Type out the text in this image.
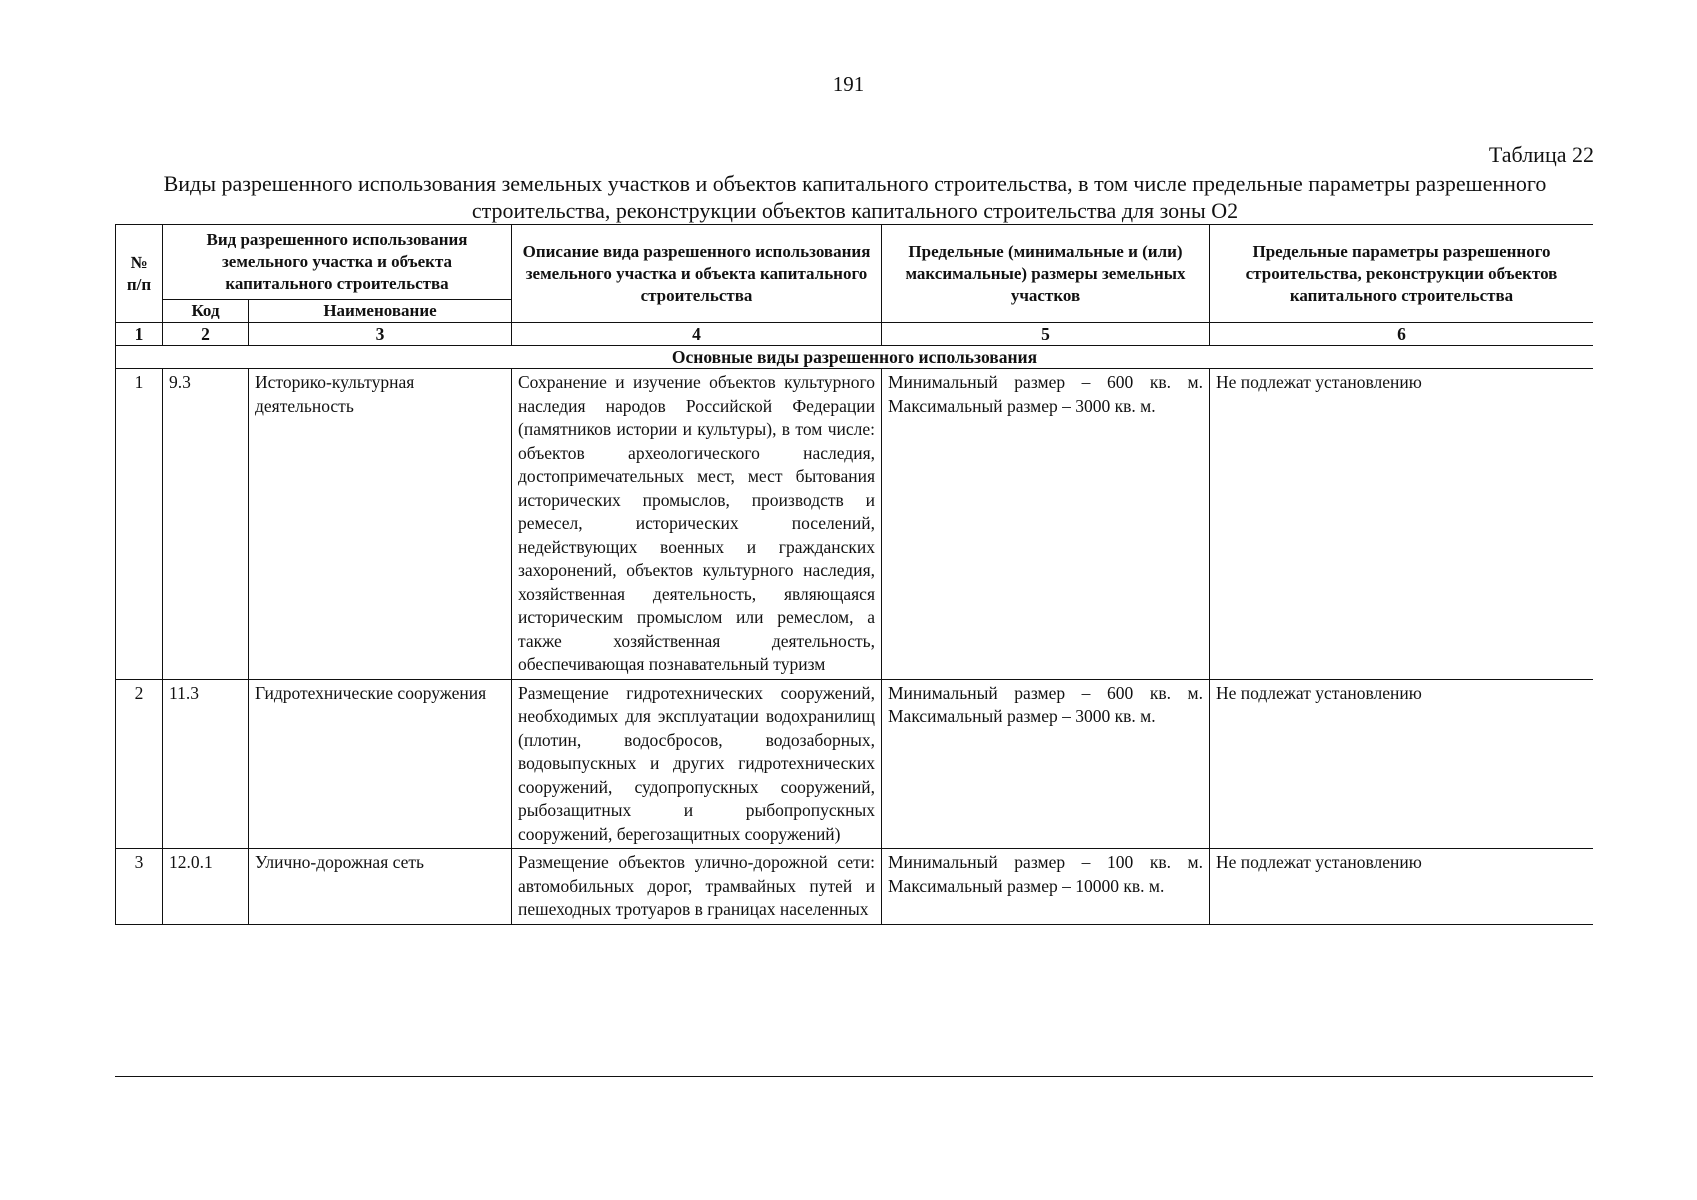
191
Таблица 22
Виды разрешенного использования земельных участков и объектов капитального строительства, в том числе предельные параметры разрешенного строительства, реконструкции объектов капитального строительства для зоны О2
№ п/п	Вид разрешенного использования земельного участка и объекта капитального строительства		Описание вида разрешенного использования земельного участка и объекта капитального строительства	Предельные (минимальные и (или) максимальные) размеры земельных участков	Предельные параметры разрешенного строительства, реконструкции объектов капитального строительства
	Код	Наименование			
1	2	3	4	5	6
Основные виды разрешенного использования					
1	9.3	Историко-культурная деятельность	Сохранение и изучение объектов культурного наследия народов Российской Федерации (памятников истории и культуры), в том числе: объектов археологического наследия, достопримечательных мест, мест бытования исторических промыслов, производств и ремесел, исторических поселений, недействующих военных и гражданских захоронений, объектов культурного наследия, хозяйственная деятельность, являющаяся историческим промыслом или ремеслом, а также хозяйственная деятельность, обеспечивающая познавательный туризм	Минимальный размер – 600 кв. м. Максимальный размер – 3000 кв. м.	Не подлежат установлению
2	11.3	Гидротехнические сооружения	Размещение гидротехнических сооружений, необходимых для эксплуатации водохранилищ (плотин, водосбросов, водозаборных, водовыпускных и других гидротехнических сооружений, судопропускных сооружений, рыбозащитных и рыбопропускных сооружений, берегозащитных сооружений)	Минимальный размер – 600 кв. м. Максимальный размер – 3000 кв. м.	Не подлежат установлению
3	12.0.1	Улично-дорожная сеть	Размещение объектов улично-дорожной сети: автомобильных дорог, трамвайных путей и пешеходных тротуаров в границах населенных	Минимальный размер – 100 кв. м. Максимальный размер – 10000 кв. м.	Не подлежат установлению
